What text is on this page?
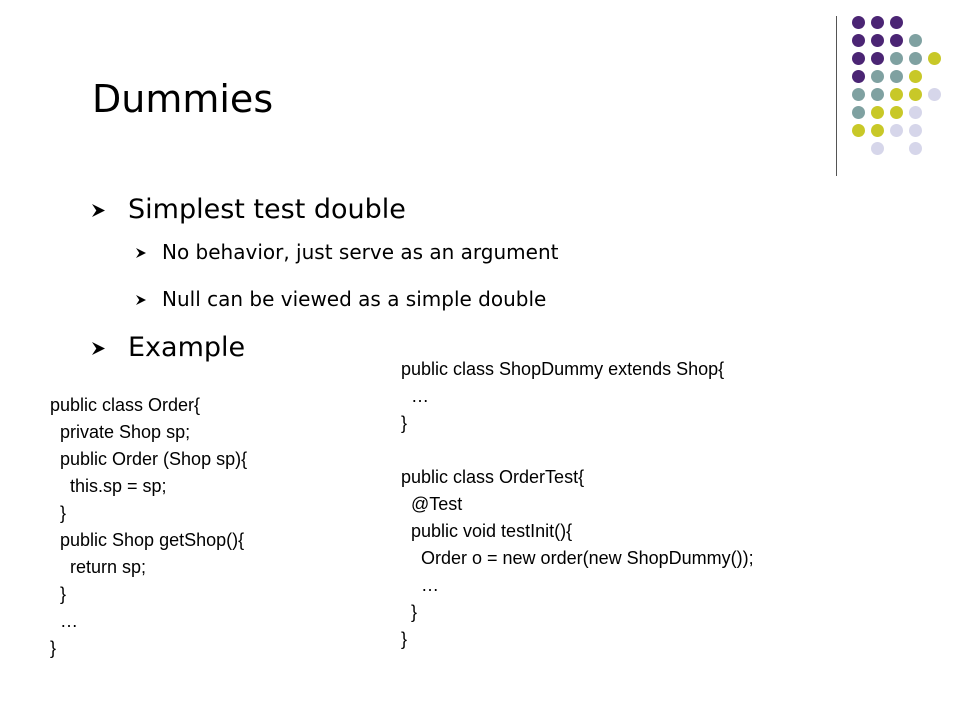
Dummies
Simplest test double
No behavior, just serve as an argument
Null can be viewed as a simple double
Example
public class Order{
private Shop sp;
public Order (Shop sp){
this.sp = sp;
}
public Shop getShop(){
return sp;
}
…
}
public class ShopDummy extends Shop{
…
}

public class OrderTest{
@Test
public void testInit(){
Order o = new order(new ShopDummy());
…
}
}
